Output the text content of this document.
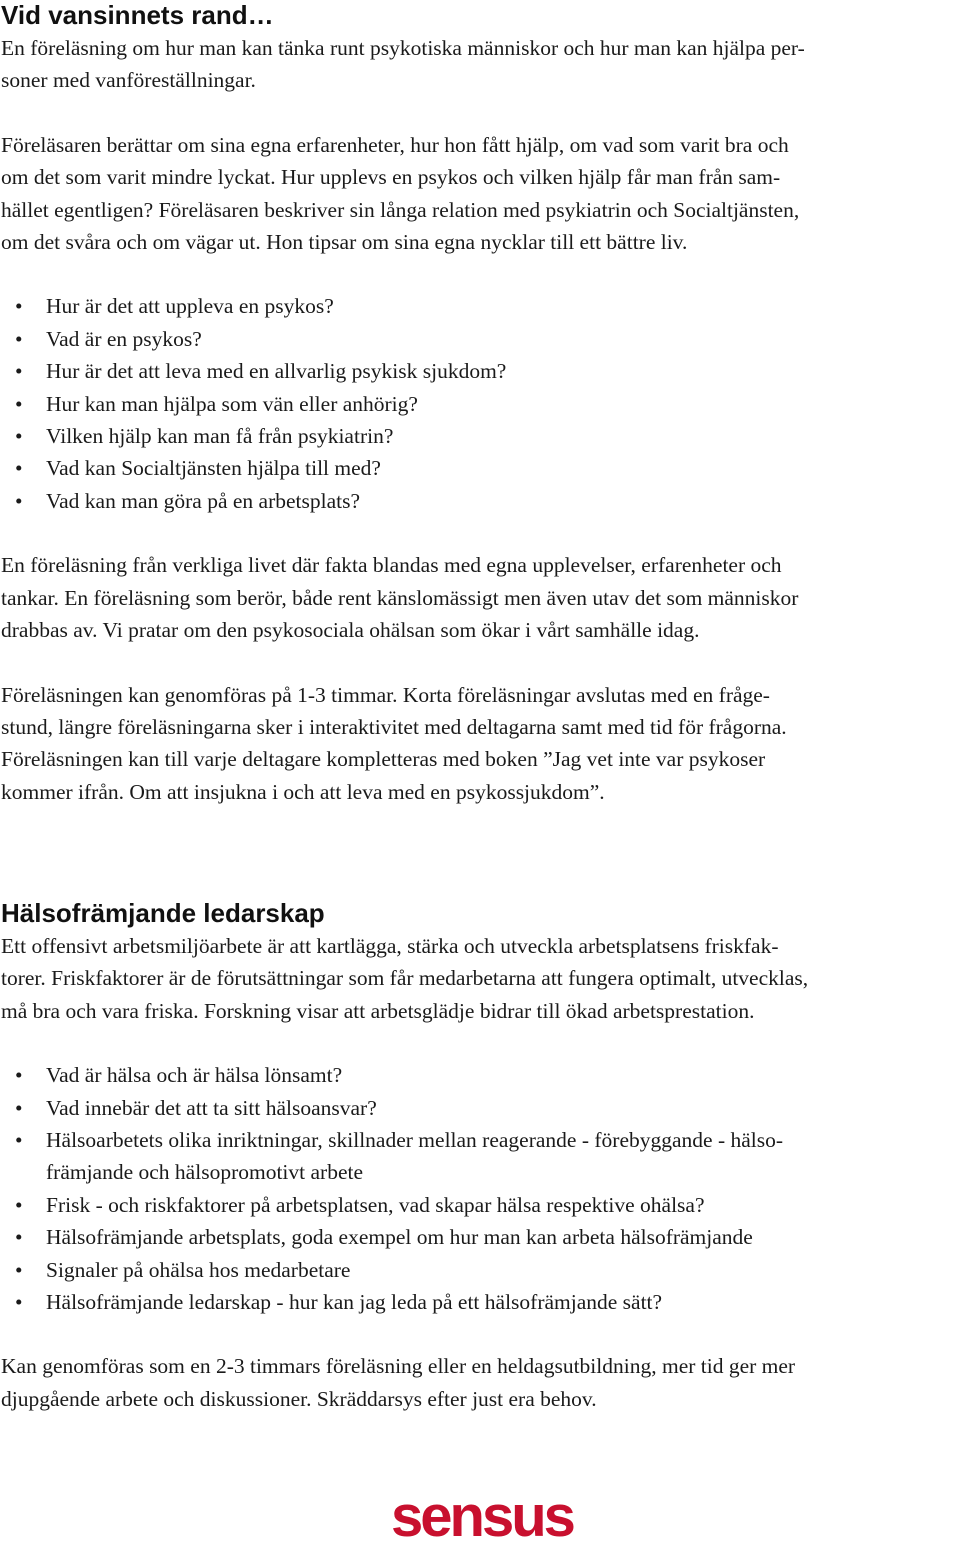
Vid vansinnets rand…

En föreläsning om hur man kan tänka runt psykotiska människor och hur man kan hjälpa per-
soner med vanföreställningar.

Föreläsaren berättar om sina egna erfarenheter, hur hon fått hjälp, om vad som varit bra och
om det som varit mindre lyckat. Hur upplevs en psykos och vilken hjälp får man från sam-
hället egentligen? Föreläsaren beskriver sin långa relation med psykiatrin och Socialtjänsten,
om det svåra och om vägar ut. Hon tipsar om sina egna nycklar till ett bättre liv.

• Hur är det att uppleva en psykos?
• Vad är en psykos?
• Hur är det att leva med en allvarlig psykisk sjukdom?
• Hur kan man hjälpa som vän eller anhörig?
• Vilken hjälp kan man få från psykiatrin?
• Vad kan Socialtjänsten hjälpa till med?
• Vad kan man göra på en arbetsplats?

En föreläsning från verkliga livet där fakta blandas med egna upplevelser, erfarenheter och
tankar. En föreläsning som berör, både rent känslomässigt men även utav det som människor
drabbas av. Vi pratar om den psykosociala ohälsan som ökar i vårt samhälle idag.

Föreläsningen kan genomföras på 1-3 timmar. Korta föreläsningar avslutas med en fråge-
stund, längre föreläsningarna sker i interaktivitet med deltagarna samt med tid för frågorna.
Föreläsningen kan till varje deltagare kompletteras med boken ”Jag vet inte var psykoser
kommer ifrån. Om att insjukna i och att leva med en psykossjukdom”.

Hälsofrämjande ledarskap

Ett offensivt arbetsmiljöarbete är att kartlägga, stärka och utveckla arbetsplatsens friskfak-
torer. Friskfaktorer är de förutsättningar som får medarbetarna att fungera optimalt, utvecklas,
må bra och vara friska. Forskning visar att arbetsglädje bidrar till ökad arbetsprestation.

• Vad är hälsa och är hälsa lönsamt?
• Vad innebär det att ta sitt hälsoansvar?
• Hälsoarbetets olika inriktningar, skillnader mellan reagerande - förebyggande - hälso-
främjande och hälsopromotivt arbete
• Frisk - och riskfaktorer på arbetsplatsen, vad skapar hälsa respektive ohälsa?
• Hälsofrämjande arbetsplats, goda exempel om hur man kan arbeta hälsofrämjande
• Signaler på ohälsa hos medarbetare
• Hälsofrämjande ledarskap - hur kan jag leda på ett hälsofrämjande sätt?

Kan genomföras som en 2-3 timmars föreläsning eller en heldagsutbildning, mer tid ger mer
djupgående arbete och diskussioner. Skräddarsys efter just era behov.

sensus
